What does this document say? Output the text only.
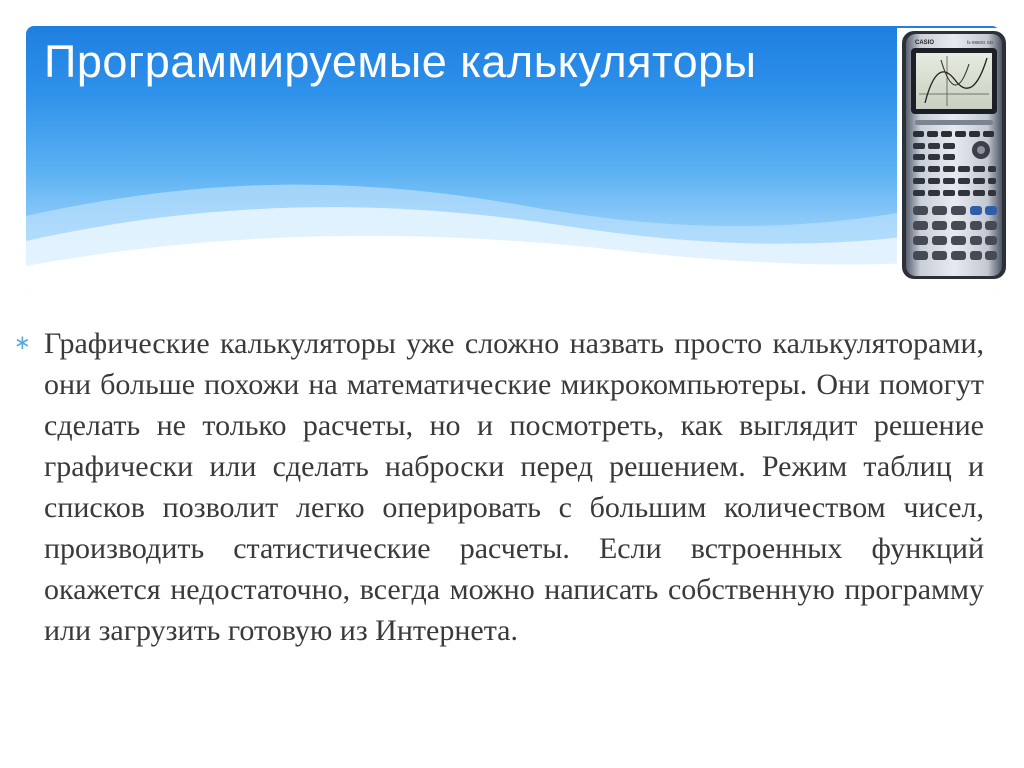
Программируемые калькуляторы	CASIO	fx-9860G SD
∗ Графические калькуляторы уже сложно назвать просто калькуляторами, они больше похожи на математические микрокомпьютеры. Они помогут сделать не только расчеты, но и посмотреть, как выглядит решение графически или сделать наброски перед решением. Режим таблиц и списков позволит легко оперировать с большим количеством чисел, производить статистические расчеты. Если встроенных функций окажется недостаточно, всегда можно написать собственную программу или загрузить готовую из Интернета.
